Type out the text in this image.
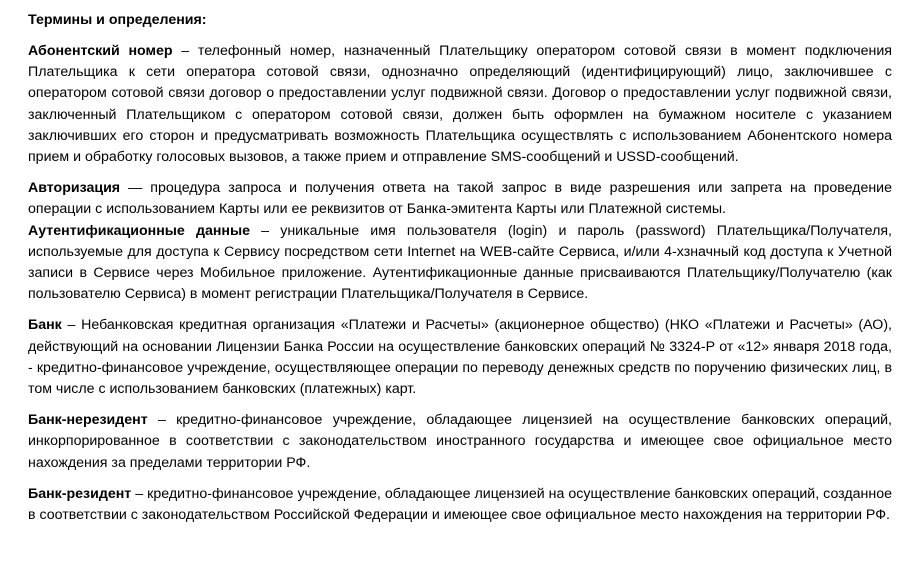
Термины и определения:

Абонентский номер – телефонный номер, назначенный Плательщику оператором сотовой связи в момент подключения Плательщика к сети оператора сотовой связи, однозначно определяющий (идентифицирующий) лицо, заключившее с оператором сотовой связи договор о предоставлении услуг подвижной связи. Договор о предоставлении услуг подвижной связи, заключенный Плательщиком с оператором сотовой связи, должен быть оформлен на бумажном носителе с указанием заключивших его сторон и предусматривать возможность Плательщика осуществлять с использованием Абонентского номера прием и обработку голосовых вызовов, а также прием и отправление SMS-сообщений и USSD-сообщений.

Авторизация — процедура запроса и получения ответа на такой запрос в виде разрешения или запрета на проведение операции с использованием Карты или ее реквизитов от Банка-эмитента Карты или Платежной системы.

Аутентификационные данные – уникальные имя пользователя (login) и пароль (password) Плательщика/Получателя, используемые для доступа к Сервису посредством сети Internet на WEB-сайте Сервиса, и/или 4-хзначный код доступа к Учетной записи в Сервисе через Мобильное приложение. Аутентификационные данные присваиваются Плательщику/Получателю (как пользователю Сервиса) в момент регистрации Плательщика/Получателя в Сервисе.

Банк – Небанковская кредитная организация «Платежи и Расчеты» (акционерное общество) (НКО «Платежи и Расчеты» (АО), действующий на основании Лицензии Банка России на осуществление банковских операций № 3324-Р от «12» января 2018 года, - кредитно-финансовое учреждение, осуществляющее операции по переводу денежных средств по поручению физических лиц, в том числе с использованием банковских (платежных) карт.

Банк-нерезидент – кредитно-финансовое учреждение, обладающее лицензией на осуществление банковских операций, инкорпорированное в соответствии с законодательством иностранного государства и имеющее свое официальное место нахождения за пределами территории РФ.

Банк-резидент – кредитно-финансовое учреждение, обладающее лицензией на осуществление банковских операций, созданное в соответствии с законодательством Российской Федерации и имеющее свое официальное место нахождения на территории РФ.
